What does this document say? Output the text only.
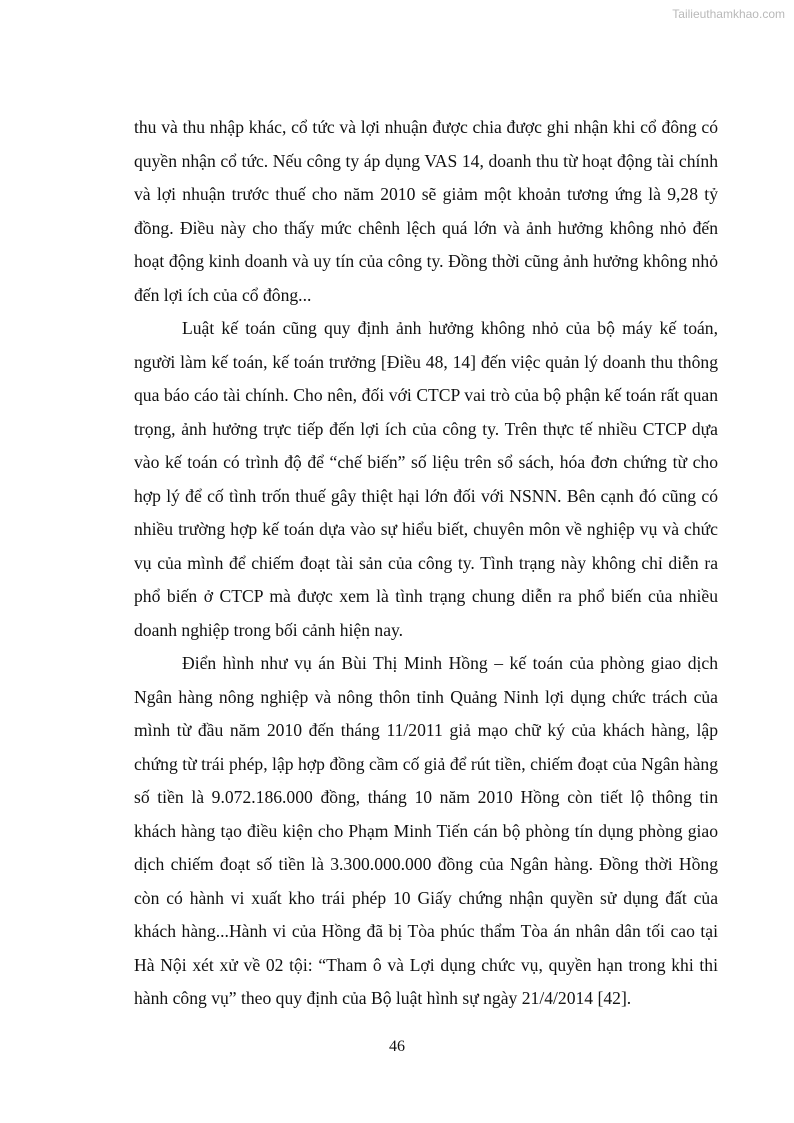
Tailieuthamkhao.com

thu và thu nhập khác, cổ tức và lợi nhuận được chia được ghi nhận khi cổ đông có quyền nhận cổ tức. Nếu công ty áp dụng VAS 14, doanh thu từ hoạt động tài chính và lợi nhuận trước thuế cho năm 2010 sẽ giảm một khoản tương ứng là 9,28 tỷ đồng. Điều này cho thấy mức chênh lệch quá lớn và ảnh hưởng không nhỏ đến hoạt động kinh doanh và uy tín của công ty. Đồng thời cũng ảnh hưởng không nhỏ đến lợi ích của cổ đông...

Luật kế toán cũng quy định ảnh hưởng không nhỏ của bộ máy kế toán, người làm kế toán, kế toán trưởng [Điều 48, 14] đến việc quản lý doanh thu thông qua báo cáo tài chính. Cho nên, đối với CTCP vai trò của bộ phận kế toán rất quan trọng, ảnh hưởng trực tiếp đến lợi ích của công ty. Trên thực tế nhiều CTCP dựa vào kế toán có trình độ để “chế biến” số liệu trên sổ sách, hóa đơn chứng từ cho hợp lý để cố tình trốn thuế gây thiệt hại lớn đối với NSNN. Bên cạnh đó cũng có nhiều trường hợp kế toán dựa vào sự hiểu biết, chuyên môn về nghiệp vụ và chức vụ của mình để chiếm đoạt tài sản của công ty. Tình trạng này không chỉ diễn ra phổ biến ở CTCP mà được xem là tình trạng chung diễn ra phổ biến của nhiều doanh nghiệp trong bối cảnh hiện nay.

Điển hình như vụ án Bùi Thị Minh Hồng – kế toán của phòng giao dịch Ngân hàng nông nghiệp và nông thôn tỉnh Quảng Ninh lợi dụng chức trách của mình từ đầu năm 2010 đến tháng 11/2011 giả mạo chữ ký của khách hàng, lập chứng từ trái phép, lập hợp đồng cầm cố giả để rút tiền, chiếm đoạt của Ngân hàng số tiền là 9.072.186.000 đồng, tháng 10 năm 2010 Hồng còn tiết lộ thông tin khách hàng tạo điều kiện cho Phạm Minh Tiến cán bộ phòng tín dụng phòng giao dịch chiếm đoạt số tiền là 3.300.000.000 đồng của Ngân hàng. Đồng thời Hồng còn có hành vi xuất kho trái phép 10 Giấy chứng nhận quyền sử dụng đất của khách hàng...Hành vi của Hồng đã bị Tòa phúc thẩm Tòa án nhân dân tối cao tại Hà Nội xét xử về 02 tội: “Tham ô và Lợi dụng chức vụ, quyền hạn trong khi thi hành công vụ” theo quy định của Bộ luật hình sự ngày 21/4/2014 [42].

46
